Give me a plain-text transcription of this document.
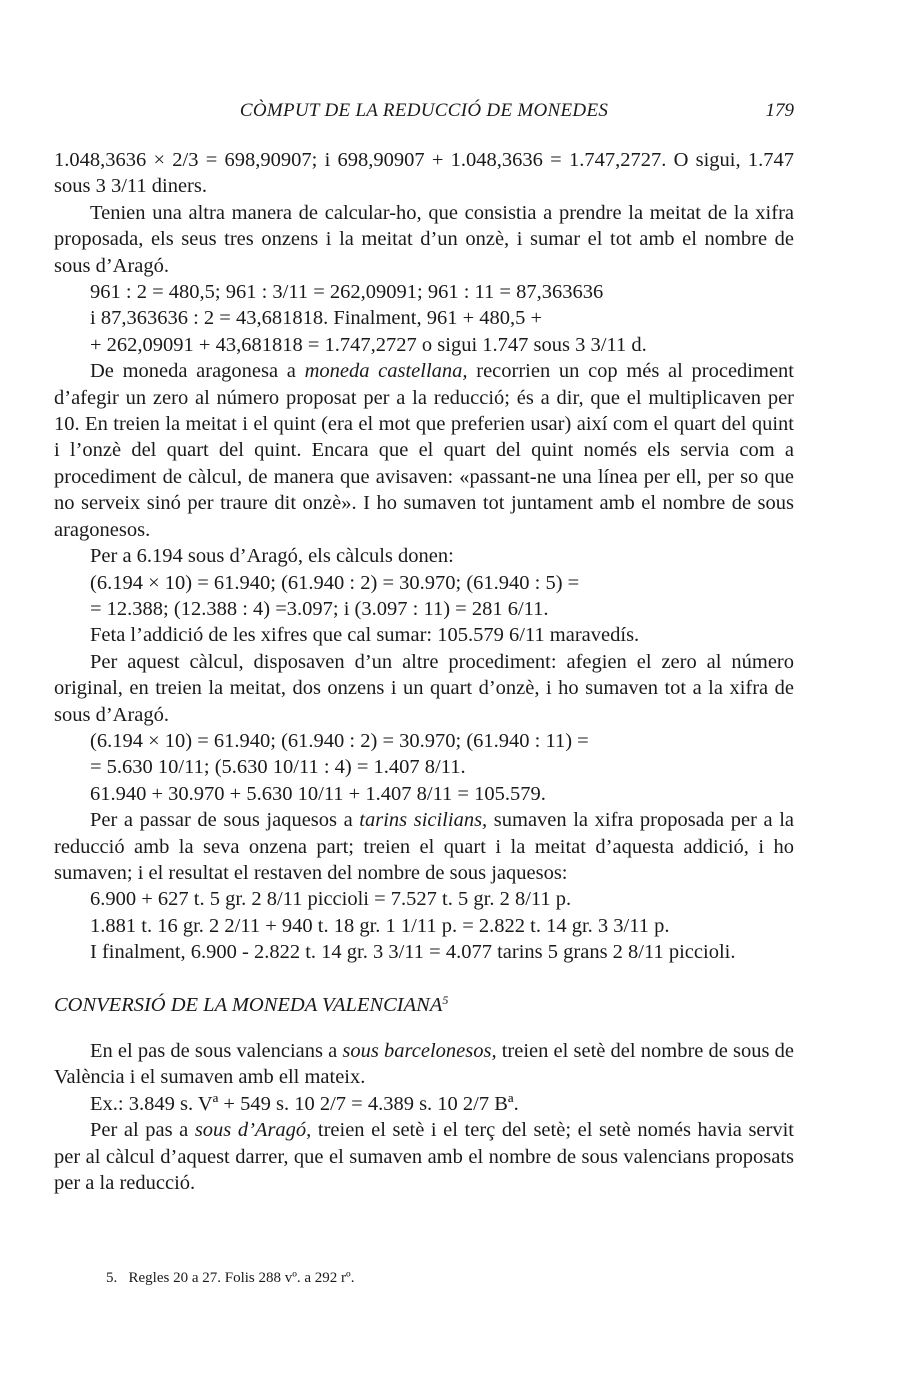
CÒMPUT DE LA REDUCCIÓ DE MONEDES	179

1.048,3636 × 2/3 = 698,90907; i 698,90907 + 1.048,3636 = 1.747,2727. O sigui, 1.747 sous 3 3/11 diners.

Tenien una altra manera de calcular-ho, que consistia a prendre la meitat de la xifra proposada, els seus tres onzens i la meitat d’un onzè, i sumar el tot amb el nombre de sous d’Aragó.

961 : 2 = 480,5; 961 : 3/11 = 262,09091; 961 : 11 = 87,363636

i 87,363636 : 2 = 43,681818. Finalment, 961 + 480,5 +

+ 262,09091 + 43,681818 = 1.747,2727 o sigui 1.747 sous 3 3/11 d.

De moneda aragonesa a moneda castellana, recorrien un cop més al procediment d’afegir un zero al número proposat per a la reducció; és a dir, que el multiplicaven per 10. En treien la meitat i el quint (era el mot que preferien usar) així com el quart del quint i l’onzè del quart del quint. Encara que el quart del quint només els servia com a procediment de càlcul, de manera que avisaven: «passant-ne una línea per ell, per so que no serveix sinó per traure dit onzè». I ho sumaven tot juntament amb el nombre de sous aragonesos.

Per a 6.194 sous d’Aragó, els càlculs donen:

(6.194 × 10) = 61.940; (61.940 : 2) = 30.970; (61.940 : 5) =

= 12.388; (12.388 : 4) =3.097; i (3.097 : 11) = 281 6/11.

Feta l’addició de les xifres que cal sumar: 105.579 6/11 maravedís.

Per aquest càlcul, disposaven d’un altre procediment: afegien el zero al número original, en treien la meitat, dos onzens i un quart d’onzè, i ho sumaven tot a la xifra de sous d’Aragó.

(6.194 × 10) = 61.940; (61.940 : 2) = 30.970; (61.940 : 11) =

= 5.630 10/11; (5.630 10/11 : 4) = 1.407 8/11.

61.940 + 30.970 + 5.630 10/11 + 1.407 8/11 = 105.579.

Per a passar de sous jaquesos a tarins sicilians, sumaven la xifra proposada per a la reducció amb la seva onzena part; treien el quart i la meitat d’aquesta addició, i ho sumaven; i el resultat el restaven del nombre de sous jaquesos:

6.900 + 627 t. 5 gr. 2 8/11 piccioli = 7.527 t. 5 gr. 2 8/11 p.

1.881 t. 16 gr. 2 2/11 + 940 t. 18 gr. 1 1/11 p. = 2.822 t. 14 gr. 3 3/11 p.

I finalment, 6.900 - 2.822 t. 14 gr. 3 3/11 = 4.077 tarins 5 grans 2 8/11 piccioli.

CONVERSIÓ DE LA MONEDA VALENCIANA$^5$

En el pas de sous valencians a sous barcelonesos, treien el setè del nombre de sous de València i el sumaven amb ell mateix.

Ex.: 3.849 s. Vª + 549 s. 10 2/7 = 4.389 s. 10 2/7 Bª.

Per al pas a sous d’Aragó, treien el setè i el terç del setè; el setè només havia servit per al càlcul d’aquest darrer, que el sumaven amb el nombre de sous valencians proposats per a la reducció.

5. Regles 20 a 27. Folis 288 vº. a 292 rº.
